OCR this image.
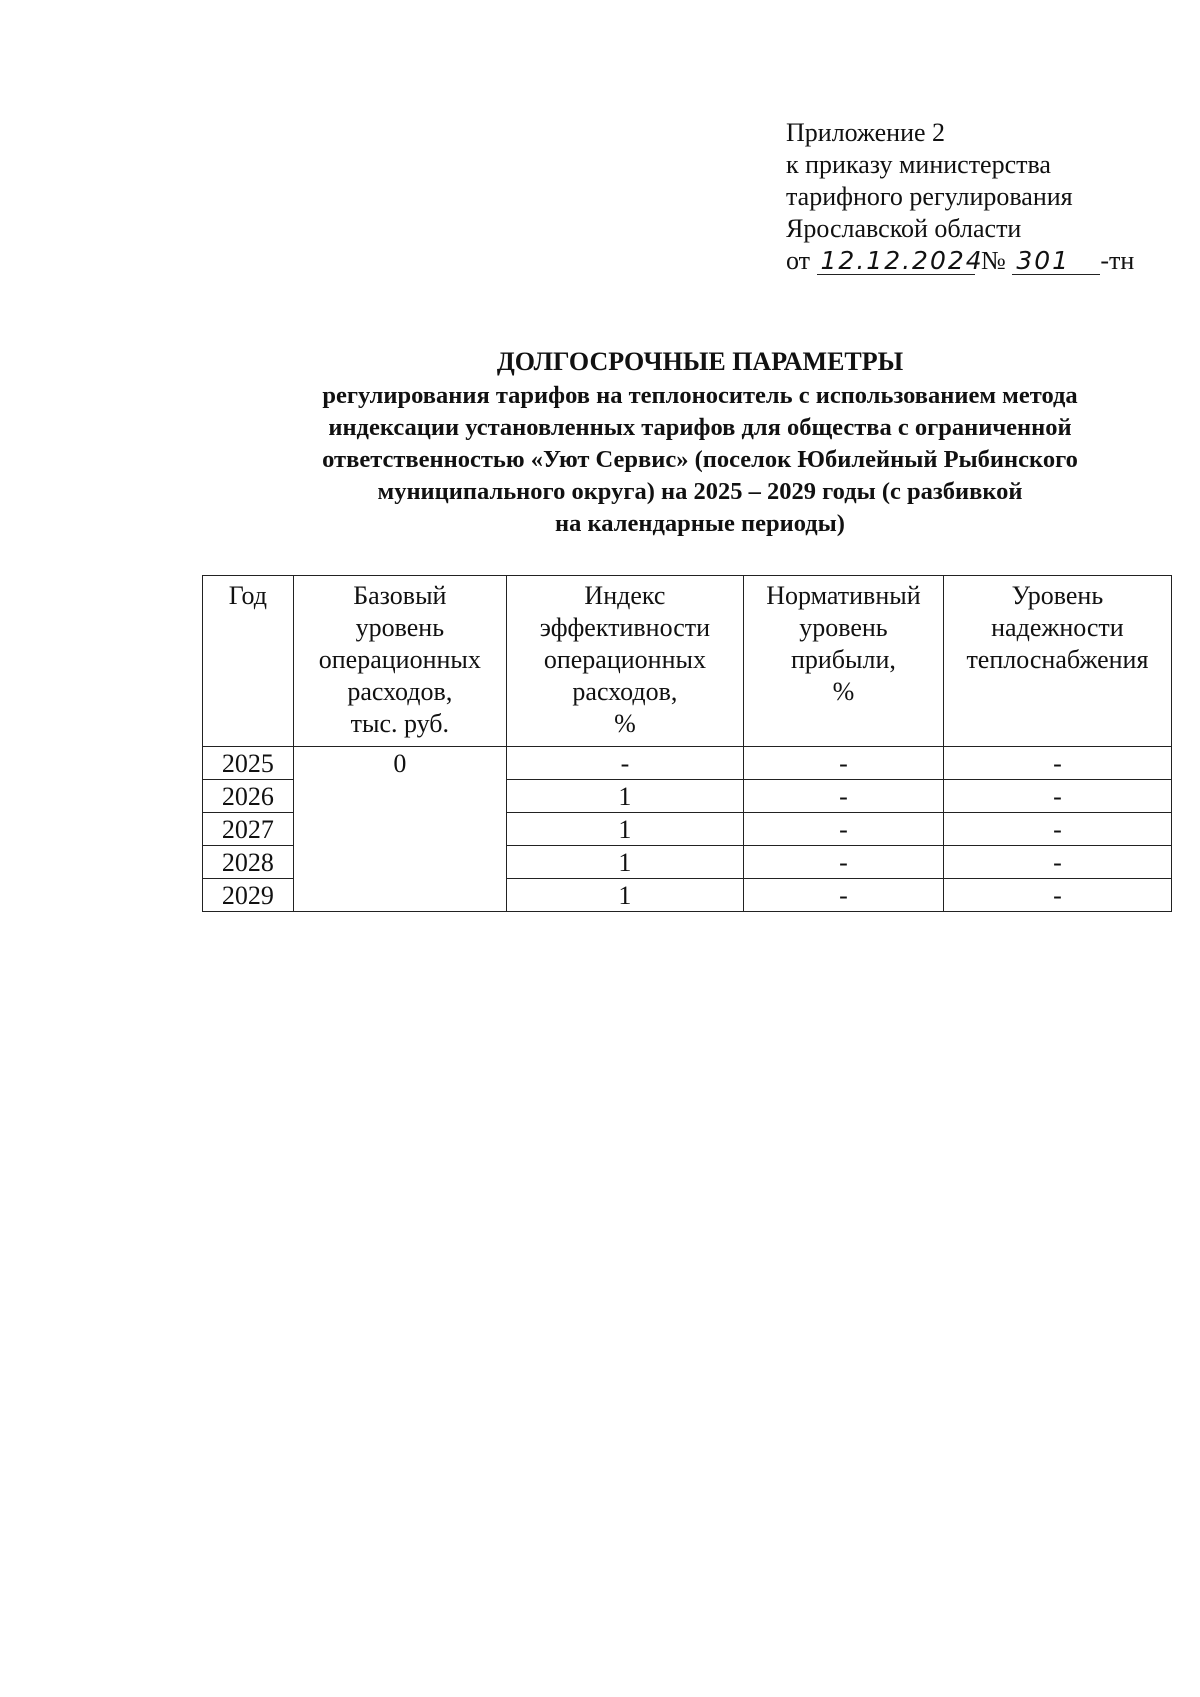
Приложение 2
к приказу министерства
тарифного регулирования
Ярославской области
от 12.12.2024 № 301 -тн
ДОЛГОСРОЧНЫЕ ПАРАМЕТРЫ
регулирования тарифов на теплоноситель с использованием метода
индексации установленных тарифов для общества с ограниченной
ответственностью «Уют Сервис» (поселок Юбилейный Рыбинского
муниципального округа) на 2025 – 2029 годы (с разбивкой
на календарные периоды)
Год	Базовый
уровень
операционных
расходов,
тыс. руб.	Индекс
эффективности
операционных
расходов,
%	Нормативный
уровень
прибыли,
%	Уровень
надежности
теплоснабжения

2025	0	-	-	-
2026		1	-	-
2027		1	-	-
2028		1	-	-
2029		1	-	-
